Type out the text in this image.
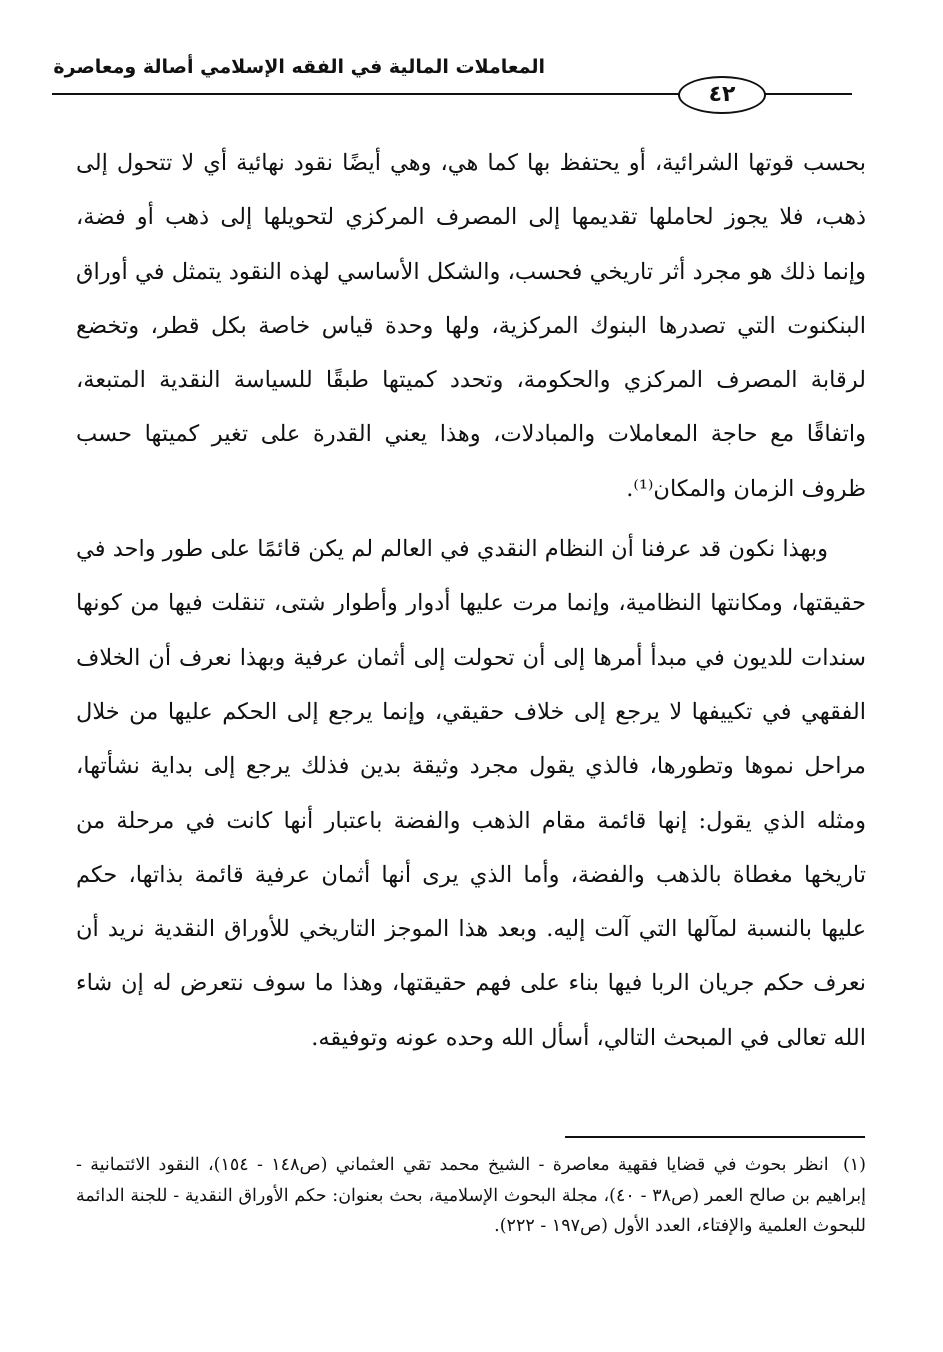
المعاملات المالية في الفقه الإسلامي أصالة ومعاصرة
٤٢

بحسب قوتها الشرائية، أو يحتفظ بها كما هي، وهي أيضًا نقود نهائية أي لا تتحول إلى ذهب، فلا يجوز لحاملها تقديمها إلى المصرف المركزي لتحويلها إلى ذهب أو فضة، وإنما ذلك هو مجرد أثر تاريخي فحسب، والشكل الأساسي لهذه النقود يتمثل في أوراق البنكنوت التي تصدرها البنوك المركزية، ولها وحدة قياس خاصة بكل قطر، وتخضع لرقابة المصرف المركزي والحكومة، وتحدد كميتها طبقًا للسياسة النقدية المتبعة، واتفاقًا مع حاجة المعاملات والمبادلات، وهذا يعني القدرة على تغير كميتها حسب ظروف الزمان والمكان⁽¹⁾.

وبهذا نكون قد عرفنا أن النظام النقدي في العالم لم يكن قائمًا على طور واحد في حقيقتها، ومكانتها النظامية، وإنما مرت عليها أدوار وأطوار شتى، تنقلت فيها من كونها سندات للديون في مبدأ أمرها إلى أن تحولت إلى أثمان عرفية وبهذا نعرف أن الخلاف الفقهي في تكييفها لا يرجع إلى خلاف حقيقي، وإنما يرجع إلى الحكم عليها من خلال مراحل نموها وتطورها، فالذي يقول مجرد وثيقة بدين فذلك يرجع إلى بداية نشأتها، ومثله الذي يقول: إنها قائمة مقام الذهب والفضة باعتبار أنها كانت في مرحلة من تاريخها مغطاة بالذهب والفضة، وأما الذي يرى أنها أثمان عرفية قائمة بذاتها، حكم عليها بالنسبة لمآلها التي آلت إليه. وبعد هذا الموجز التاريخي للأوراق النقدية نريد أن نعرف حكم جريان الربا فيها بناء على فهم حقيقتها، وهذا ما سوف نتعرض له إن شاء الله تعالى في المبحث التالي، أسأل الله وحده عونه وتوفيقه.

(١) انظر بحوث في قضايا فقهية معاصرة - الشيخ محمد تقي العثماني (ص١٤٨ - ١٥٤)، النقود الائتمانية - إبراهيم بن صالح العمر (ص٣٨ - ٤٠)، مجلة البحوث الإسلامية، بحث بعنوان: حكم الأوراق النقدية - للجنة الدائمة للبحوث العلمية والإفتاء، العدد الأول (ص١٩٧ - ٢٢٢).
